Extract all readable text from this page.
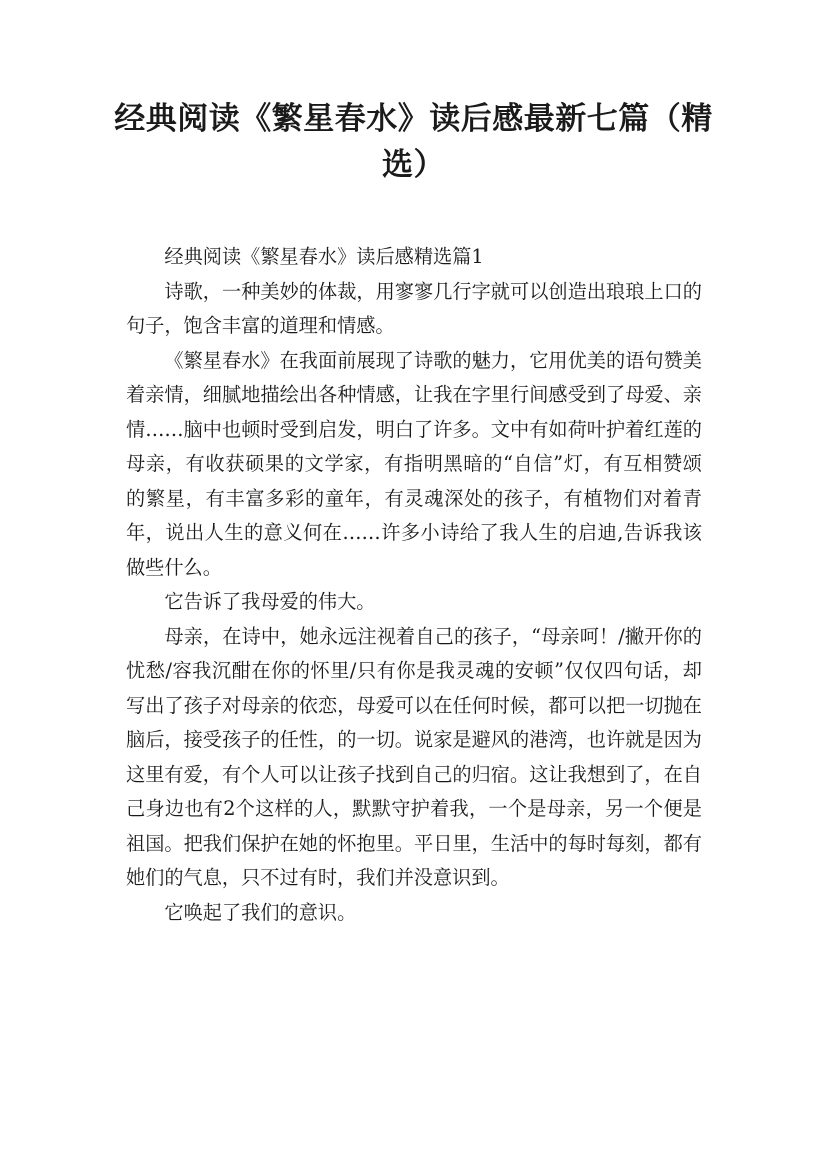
经典阅读《繁星春水》读后感最新七篇（精选）

经典阅读《繁星春水》读后感精选篇1

诗歌，一种美妙的体裁，用寥寥几行字就可以创造出琅琅上口的句子，饱含丰富的道理和情感。

《繁星春水》在我面前展现了诗歌的魅力，它用优美的语句赞美着亲情，细腻地描绘出各种情感，让我在字里行间感受到了母爱、亲情……脑中也顿时受到启发，明白了许多。文中有如荷叶护着红莲的母亲，有收获硕果的文学家，有指明黑暗的“自信”灯，有互相赞颂的繁星，有丰富多彩的童年，有灵魂深处的孩子，有植物们对着青年，说出人生的意义何在……许多小诗给了我人生的启迪,告诉我该做些什么。

它告诉了我母爱的伟大。

母亲，在诗中，她永远注视着自己的孩子，“母亲呵！/撇开你的忧愁/容我沉酣在你的怀里/只有你是我灵魂的安顿”仅仅四句话，却写出了孩子对母亲的依恋，母爱可以在任何时候，都可以把一切抛在脑后，接受孩子的任性，的一切。说家是避风的港湾，也许就是因为这里有爱，有个人可以让孩子找到自己的归宿。这让我想到了，在自己身边也有2个这样的人，默默守护着我，一个是母亲，另一个便是祖国。把我们保护在她的怀抱里。平日里，生活中的每时每刻，都有她们的气息，只不过有时，我们并没意识到。

它唤起了我们的意识。
